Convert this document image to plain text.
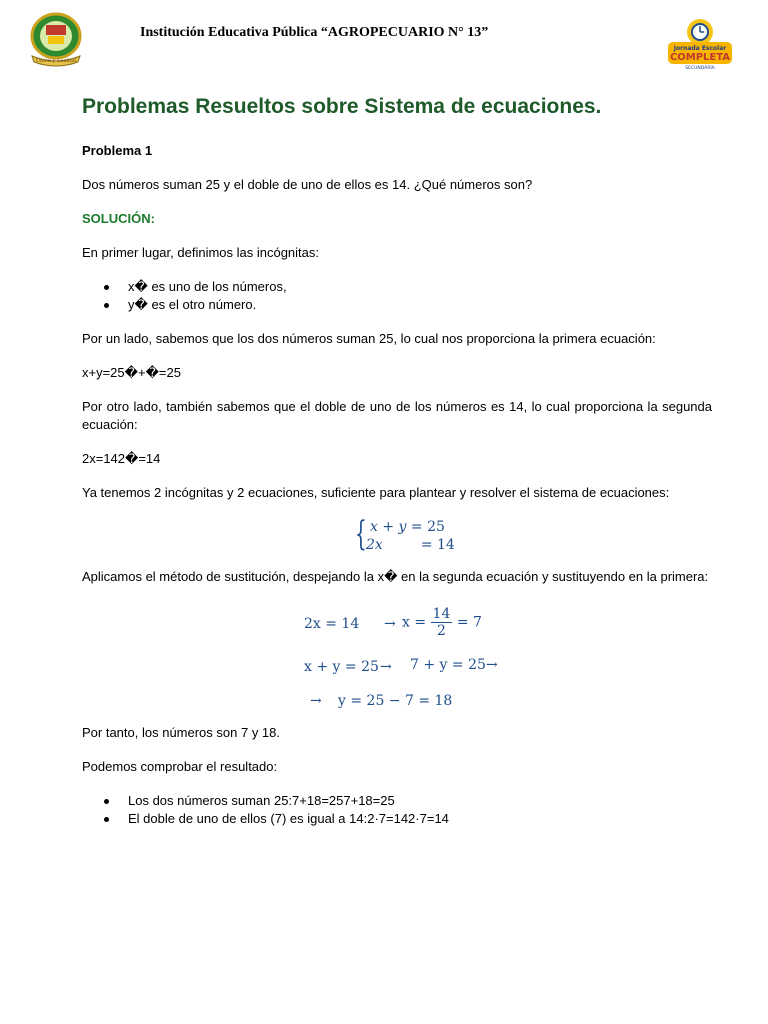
Unión y Lealtad
Institución Educativa Pública “AGROPECUARIO N° 13”
Jornada Escolar
COMPLETA
SECUNDARIA
Problemas Resueltos sobre Sistema de ecuaciones.
Problema 1
Dos números suman 25 y el doble de uno de ellos es 14. ¿Qué números son?
SOLUCIÓN:
En primer lugar, definimos las incógnitas:
x� es uno de los números,
y� es el otro número.
Por un lado, sabemos que los dos números suman 25, lo cual nos proporciona la primera ecuación:
x+y=25�+�=25
Por otro lado, también sabemos que el doble de uno de los números es 14, lo cual proporciona la segunda ecuación:
2x=142�=14
Ya tenemos 2 incógnitas y 2 ecuaciones, suficiente para plantear y resolver el sistema de ecuaciones:
{ x + y = 25
2x	= 14
Aplicamos el método de sustitución, despejando la x� en la segunda ecuación y sustituyendo en la primera:
$2x = 14 \to x = \frac{14}{2} = 7$
x + y = 25 → 7 + y = 25 →
→ y = 25 − 7 = 18
Por tanto, los números son 7 y 18.
Podemos comprobar el resultado:
Los dos números suman 25:7+18=257+18=25
El doble de uno de ellos (7) es igual a 14:2·7=142·7=14
